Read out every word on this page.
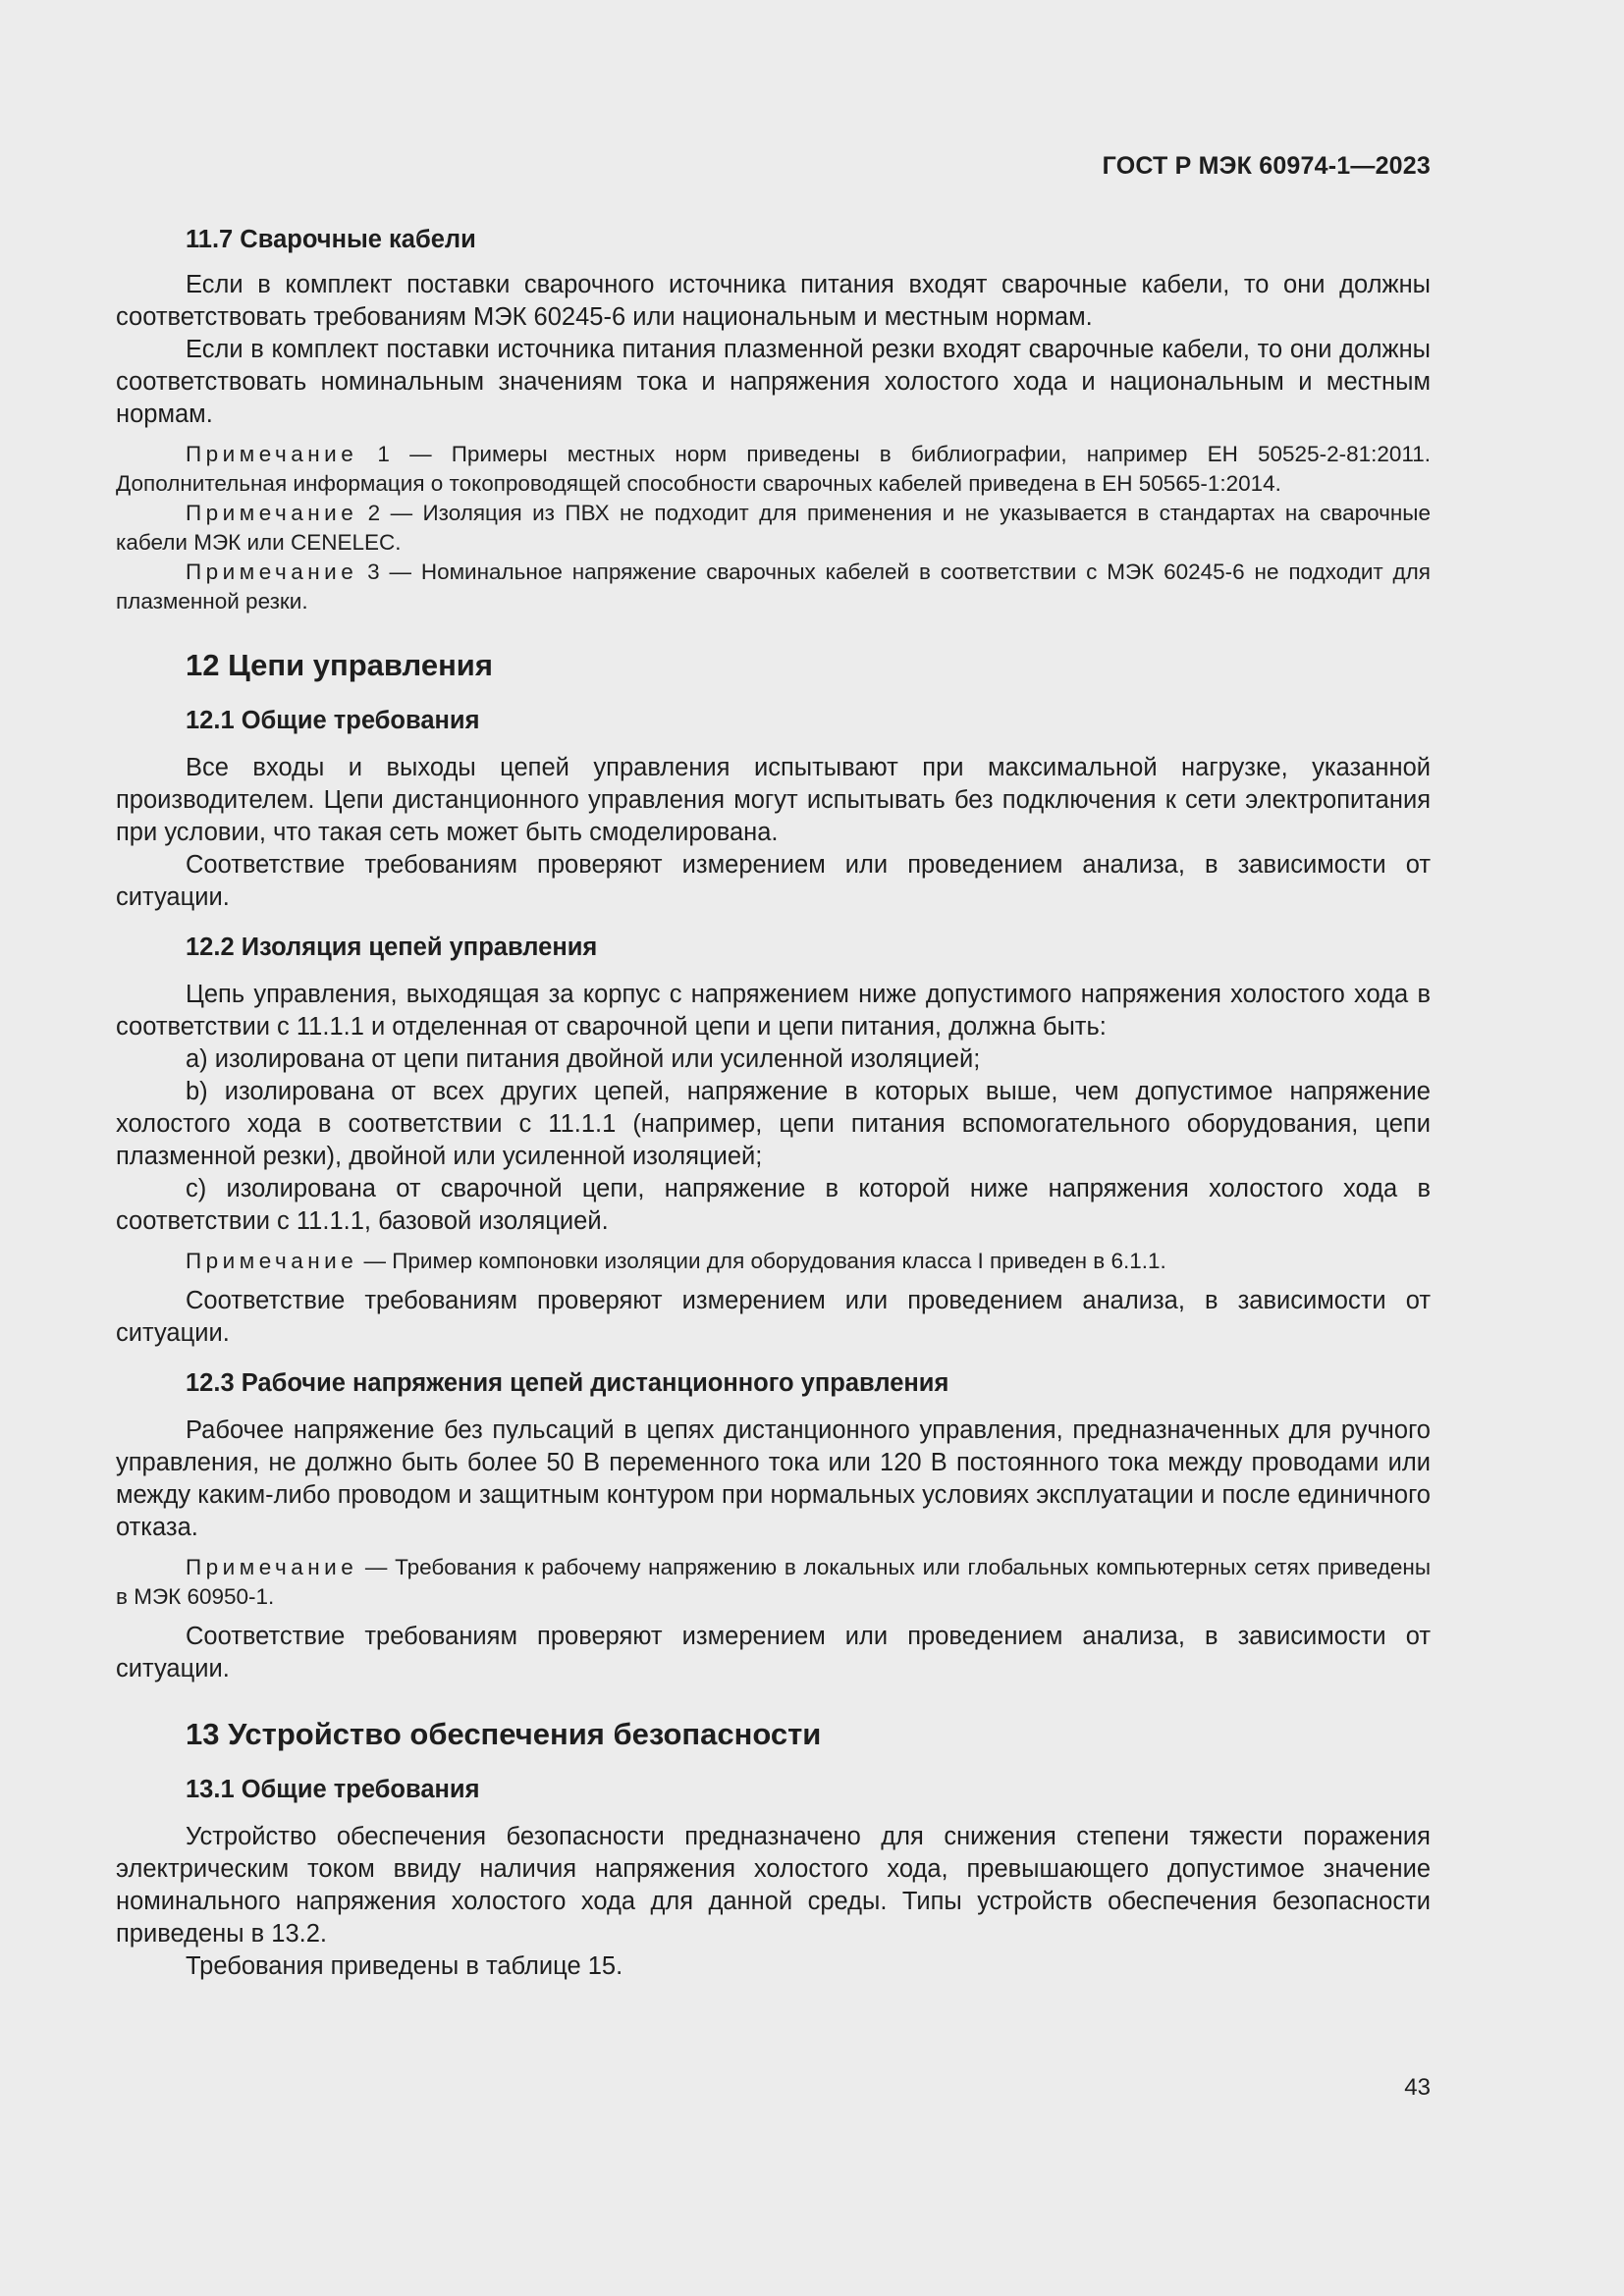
ГОСТ Р МЭК 60974-1—2023
11.7 Сварочные кабели

Если в комплект поставки сварочного источника питания входят сварочные кабели, то они должны соответствовать требованиям МЭК 60245-6 или национальным и местным нормам.

Если в комплект поставки источника питания плазменной резки входят сварочные кабели, то они должны соответствовать номинальным значениям тока и напряжения холостого хода и национальным и местным нормам.

Примечание 1 — Примеры местных норм приведены в библиографии, например ЕН 50525-2-81:2011. Дополнительная информация о токопроводящей способности сварочных кабелей приведена в ЕН 50565-1:2014.

Примечание 2 — Изоляция из ПВХ не подходит для применения и не указывается в стандартах на сварочные кабели МЭК или CENELEC.

Примечание 3 — Номинальное напряжение сварочных кабелей в соответствии с МЭК 60245-6 не подходит для плазменной резки.

12 Цепи управления
12.1 Общие требования

Все входы и выходы цепей управления испытывают при максимальной нагрузке, указанной производителем. Цепи дистанционного управления могут испытывать без подключения к сети электропитания при условии, что такая сеть может быть смоделирована.

Соответствие требованиям проверяют измерением или проведением анализа, в зависимости от ситуации.

12.2 Изоляция цепей управления

Цепь управления, выходящая за корпус с напряжением ниже допустимого напряжения холостого хода в соответствии с 11.1.1 и отделенная от сварочной цепи и цепи питания, должна быть:

a) изолирована от цепи питания двойной или усиленной изоляцией;

b) изолирована от всех других цепей, напряжение в которых выше, чем допустимое напряжение холостого хода в соответствии с 11.1.1 (например, цепи питания вспомогательного оборудования, цепи плазменной резки), двойной или усиленной изоляцией;

c) изолирована от сварочной цепи, напряжение в которой ниже напряжения холостого хода в соответствии с 11.1.1, базовой изоляцией.

Примечание — Пример компоновки изоляции для оборудования класса I приведен в 6.1.1.

Соответствие требованиям проверяют измерением или проведением анализа, в зависимости от ситуации.

12.3 Рабочие напряжения цепей дистанционного управления

Рабочее напряжение без пульсаций в цепях дистанционного управления, предназначенных для ручного управления, не должно быть более 50 В переменного тока или 120 В постоянного тока между проводами или между каким-либо проводом и защитным контуром при нормальных условиях эксплуатации и после единичного отказа.

Примечание — Требования к рабочему напряжению в локальных или глобальных компьютерных сетях приведены в МЭК 60950-1.

Соответствие требованиям проверяют измерением или проведением анализа, в зависимости от ситуации.

13 Устройство обеспечения безопасности
13.1 Общие требования

Устройство обеспечения безопасности предназначено для снижения степени тяжести поражения электрическим током ввиду наличия напряжения холостого хода, превышающего допустимое значение номинального напряжения холостого хода для данной среды. Типы устройств обеспечения безопасности приведены в 13.2.

Требования приведены в таблице 15.

43
